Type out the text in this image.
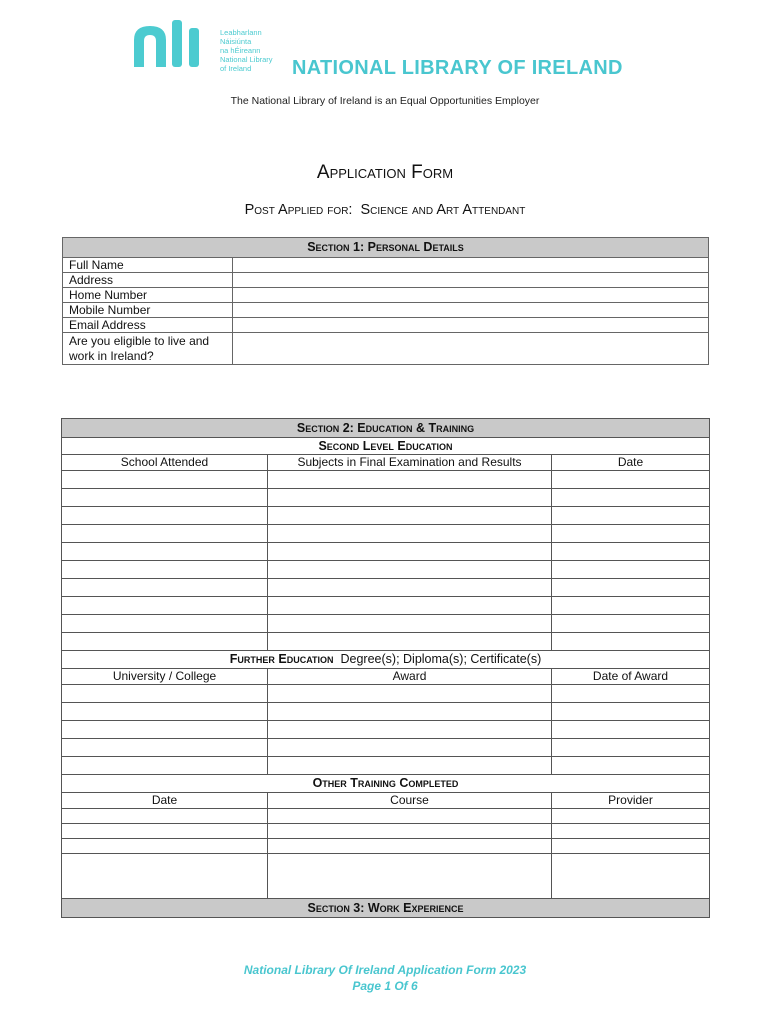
Leabharlann
Náisiúnta
na hÉireann
National Library
of Ireland	NATIONAL LIBRARY OF IRELAND
The National Library of Ireland is an Equal Opportunities Employer
Application Form
Post Applied for: Science and Art Attendant
Section 1: Personal Details	
Full Name	
Address	
Home Number	
Mobile Number	
Email Address	
Are you eligible to live and work in Ireland?	
Section 2: Education & Training		
Second Level Education		
School Attended	Subjects in Final Examination and Results	Date

Further Education Degree(s); Diploma(s); Certificate(s)		
University / College	Award	Date of Award

Other Training Completed		
Date	Course	Provider

Section 3: Work Experience		
National Library Of Ireland Application Form 2023
Page 1 Of 6
